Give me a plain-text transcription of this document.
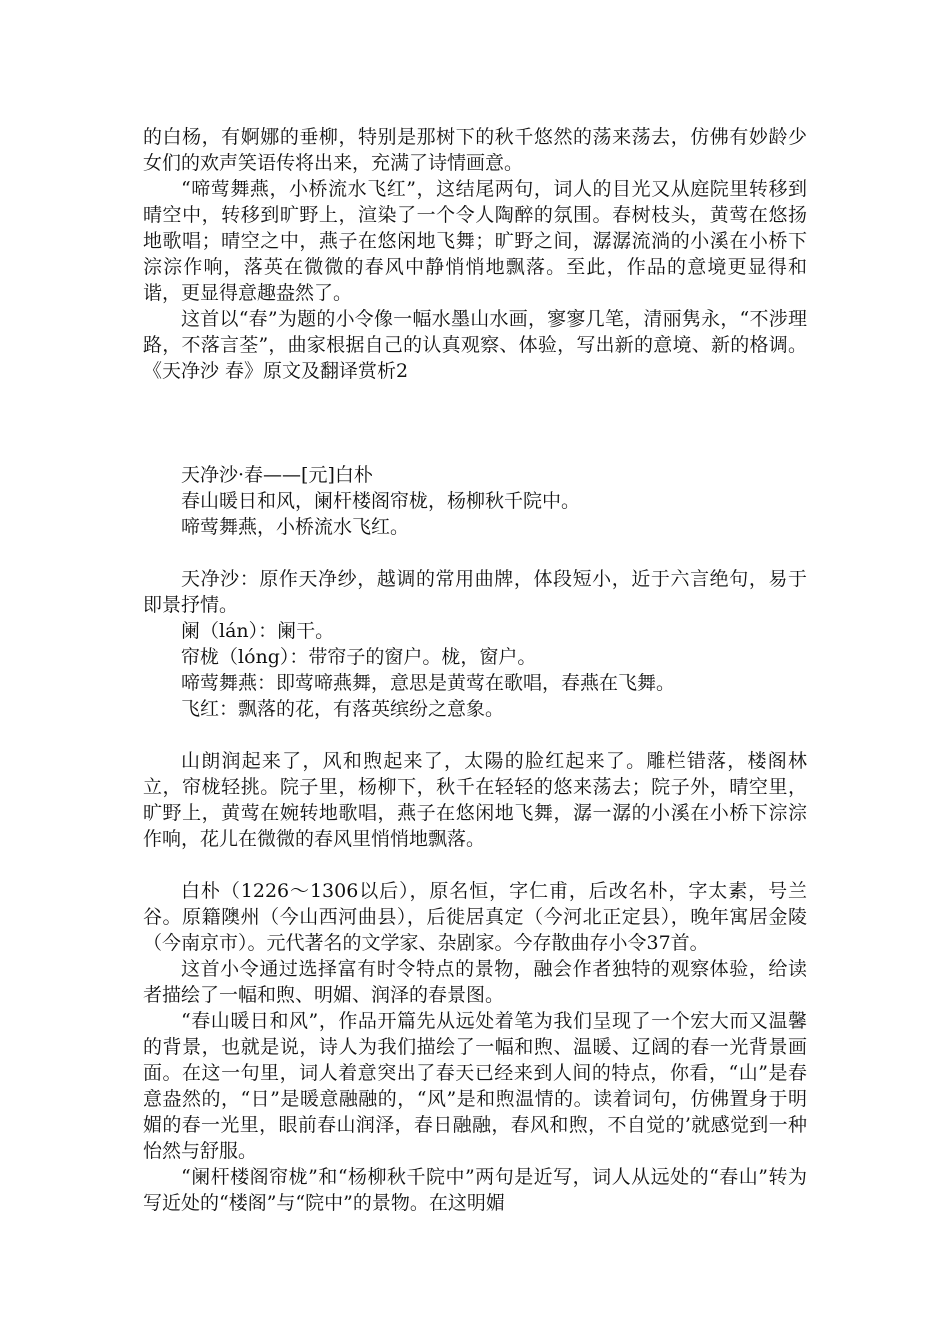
的白杨，有婀娜的垂柳，特别是那树下的秋千悠然的荡来荡去，仿佛有妙龄少女们的欢声笑语传将出来，充满了诗情画意。

“啼莺舞燕，小桥流水飞红”，这结尾两句，词人的目光又从庭院里转移到晴空中，转移到旷野上，渲染了一个令人陶醉的氛围。春树枝头，黄莺在悠扬地歌唱；晴空之中，燕子在悠闲地飞舞；旷野之间，潺潺流淌的小溪在小桥下淙淙作响，落英在微微的春风中静悄悄地飘落。至此，作品的意境更显得和谐，更显得意趣盎然了。

这首以“春”为题的小令像一幅水墨山水画，寥寥几笔，清丽隽永，“不涉理路，不落言荃”，曲家根据自己的认真观察、体验，写出新的意境、新的格调。《天净沙 春》原文及翻译赏析2

天净沙·春——[元]白朴

春山暖日和风，阑杆楼阁帘栊，杨柳秋千院中。

啼莺舞燕，小桥流水飞红。

天净沙：原作天净纱，越调的常用曲牌，体段短小，近于六言绝句，易于即景抒情。

阑（lán）：阑干。

帘栊（lóng）：带帘子的窗户。栊，窗户。

啼莺舞燕：即莺啼燕舞，意思是黄莺在歌唱，春燕在飞舞。

飞红：飘落的花，有落英缤纷之意象。

山朗润起来了，风和煦起来了，太陽的脸红起来了。雕栏错落，楼阁林立，帘栊轻挑。院子里，杨柳下，秋千在轻轻的悠来荡去；院子外，晴空里，旷野上，黄莺在婉转地歌唱，燕子在悠闲地飞舞，潺一潺的小溪在小桥下淙淙作响，花儿在微微的春风里悄悄地飘落。

白朴（1226～1306以后），原名恒，字仁甫，后改名朴，字太素，号兰谷。原籍隩州（今山西河曲县），后徙居真定（今河北正定县），晚年寓居金陵（今南京市）。元代著名的文学家、杂剧家。今存散曲存小令37首。

这首小令通过选择富有时令特点的景物，融会作者独特的观察体验，给读者描绘了一幅和煦、明媚、润泽的春景图。

“春山暖日和风”，作品开篇先从远处着笔为我们呈现了一个宏大而又温馨的背景，也就是说，诗人为我们描绘了一幅和煦、温暖、辽阔的春一光背景画面。在这一句里，词人着意突出了春天已经来到人间的特点，你看，“山”是春意盎然的，“日”是暖意融融的，“风”是和煦温情的。读着词句，仿佛置身于明媚的春一光里，眼前春山润泽，春日融融，春风和煦，不自觉的’就感觉到一种怡然与舒服。

“阑杆楼阁帘栊”和“杨柳秋千院中”两句是近写，词人从远处的“春山”转为写近处的“楼阁”与“院中”的景物。在这明媚
